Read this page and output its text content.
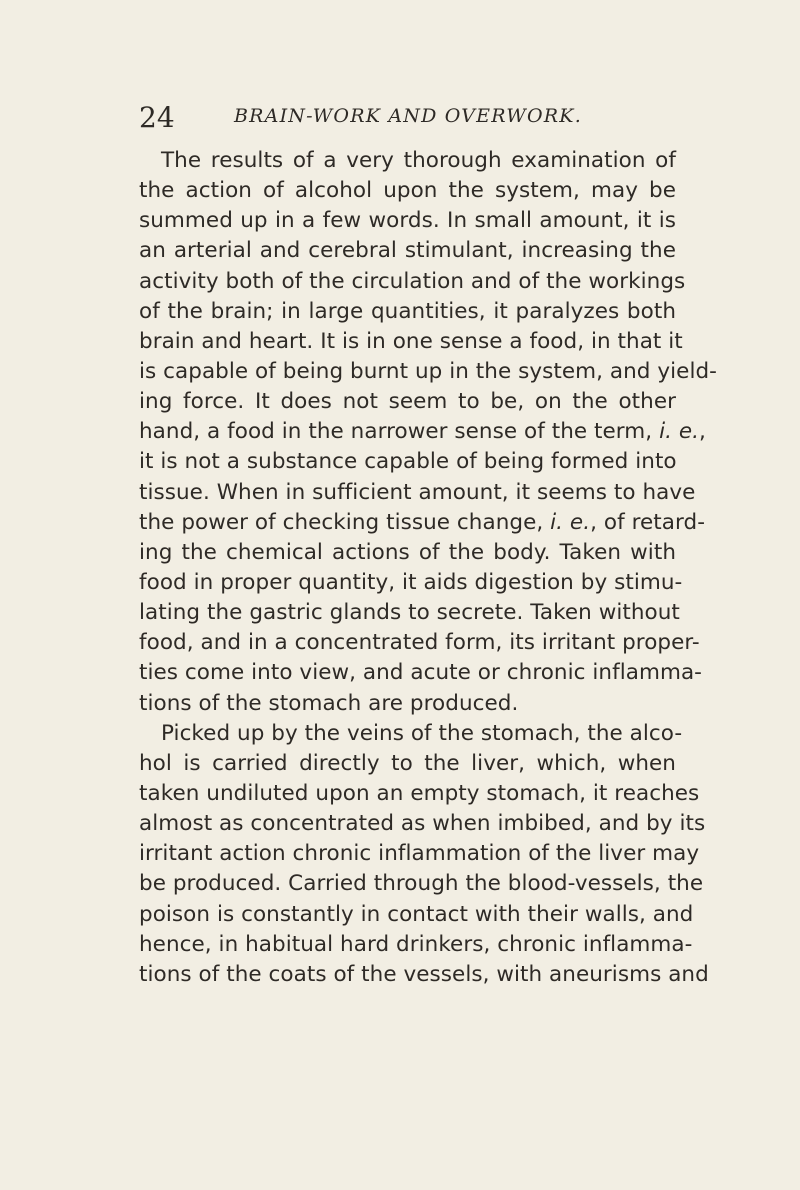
24	BRAIN-WORK AND OVERWORK.
The results of a very thorough examination of
the action of alcohol upon the system, may be
summed up in a few words. In small amount, it is
an arterial and cerebral stimulant, increasing the
activity both of the circulation and of the workings
of the brain; in large quantities, it paralyzes both
brain and heart. It is in one sense a food, in that it
is capable of being burnt up in the system, and yield-
ing force. It does not seem to be, on the other
hand, a food in the narrower sense of the term, i. e.,
it is not a substance capable of being formed into
tissue. When in sufficient amount, it seems to have
the power of checking tissue change, i. e., of retard-
ing the chemical actions of the body. Taken with
food in proper quantity, it aids digestion by stimu-
lating the gastric glands to secrete. Taken without
food, and in a concentrated form, its irritant proper-
ties come into view, and acute or chronic inflamma-
tions of the stomach are produced.
Picked up by the veins of the stomach, the alco-
hol is carried directly to the liver, which, when
taken undiluted upon an empty stomach, it reaches
almost as concentrated as when imbibed, and by its
irritant action chronic inflammation of the liver may
be produced. Carried through the blood-vessels, the
poison is constantly in contact with their walls, and
hence, in habitual hard drinkers, chronic inflamma-
tions of the coats of the vessels, with aneurisms and
